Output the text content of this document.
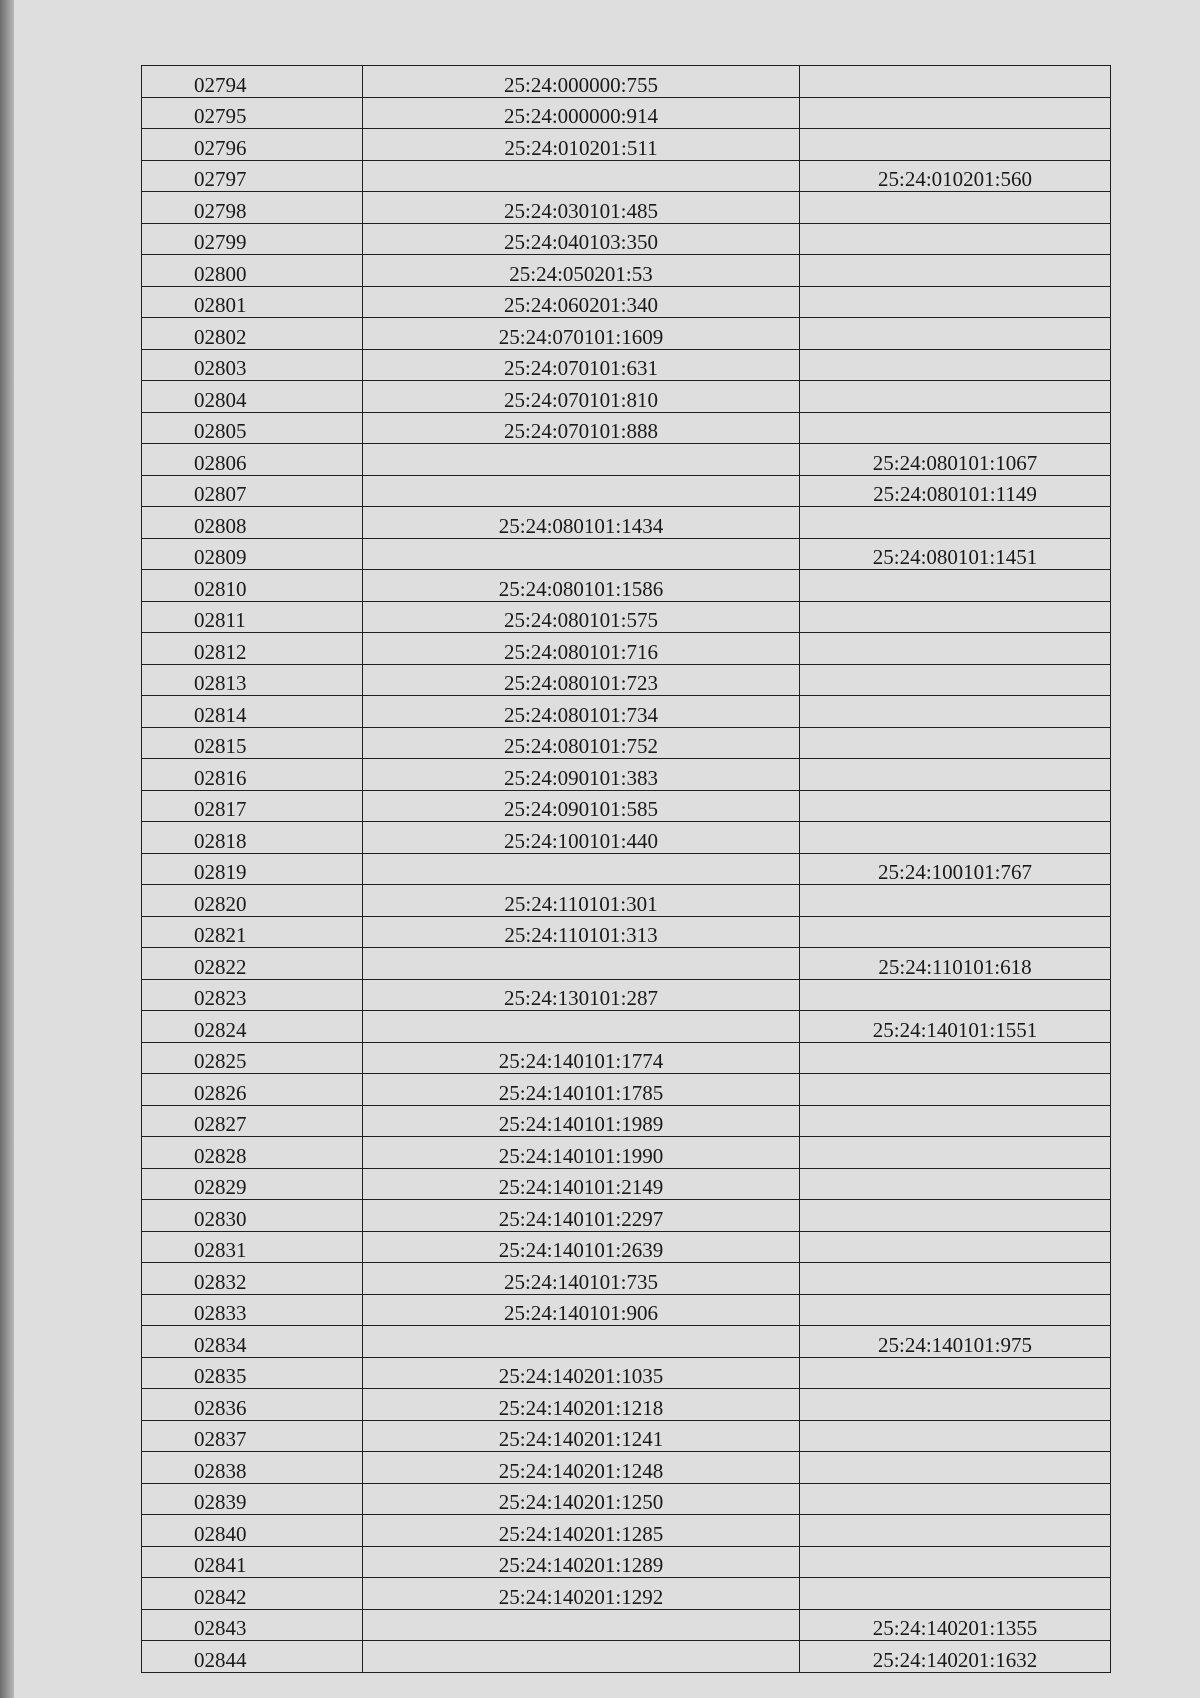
02794	25:24:000000:755	
02795	25:24:000000:914	
02796	25:24:010201:511	
02797		25:24:010201:560
02798	25:24:030101:485	
02799	25:24:040103:350	
02800	25:24:050201:53	
02801	25:24:060201:340	
02802	25:24:070101:1609	
02803	25:24:070101:631	
02804	25:24:070101:810	
02805	25:24:070101:888	
02806		25:24:080101:1067
02807		25:24:080101:1149
02808	25:24:080101:1434	
02809		25:24:080101:1451
02810	25:24:080101:1586	
02811	25:24:080101:575	
02812	25:24:080101:716	
02813	25:24:080101:723	
02814	25:24:080101:734	
02815	25:24:080101:752	
02816	25:24:090101:383	
02817	25:24:090101:585	
02818	25:24:100101:440	
02819		25:24:100101:767
02820	25:24:110101:301	
02821	25:24:110101:313	
02822		25:24:110101:618
02823	25:24:130101:287	
02824		25:24:140101:1551
02825	25:24:140101:1774	
02826	25:24:140101:1785	
02827	25:24:140101:1989	
02828	25:24:140101:1990	
02829	25:24:140101:2149	
02830	25:24:140101:2297	
02831	25:24:140101:2639	
02832	25:24:140101:735	
02833	25:24:140101:906	
02834		25:24:140101:975
02835	25:24:140201:1035	
02836	25:24:140201:1218	
02837	25:24:140201:1241	
02838	25:24:140201:1248	
02839	25:24:140201:1250	
02840	25:24:140201:1285	
02841	25:24:140201:1289	
02842	25:24:140201:1292	
02843		25:24:140201:1355
02844		25:24:140201:1632
